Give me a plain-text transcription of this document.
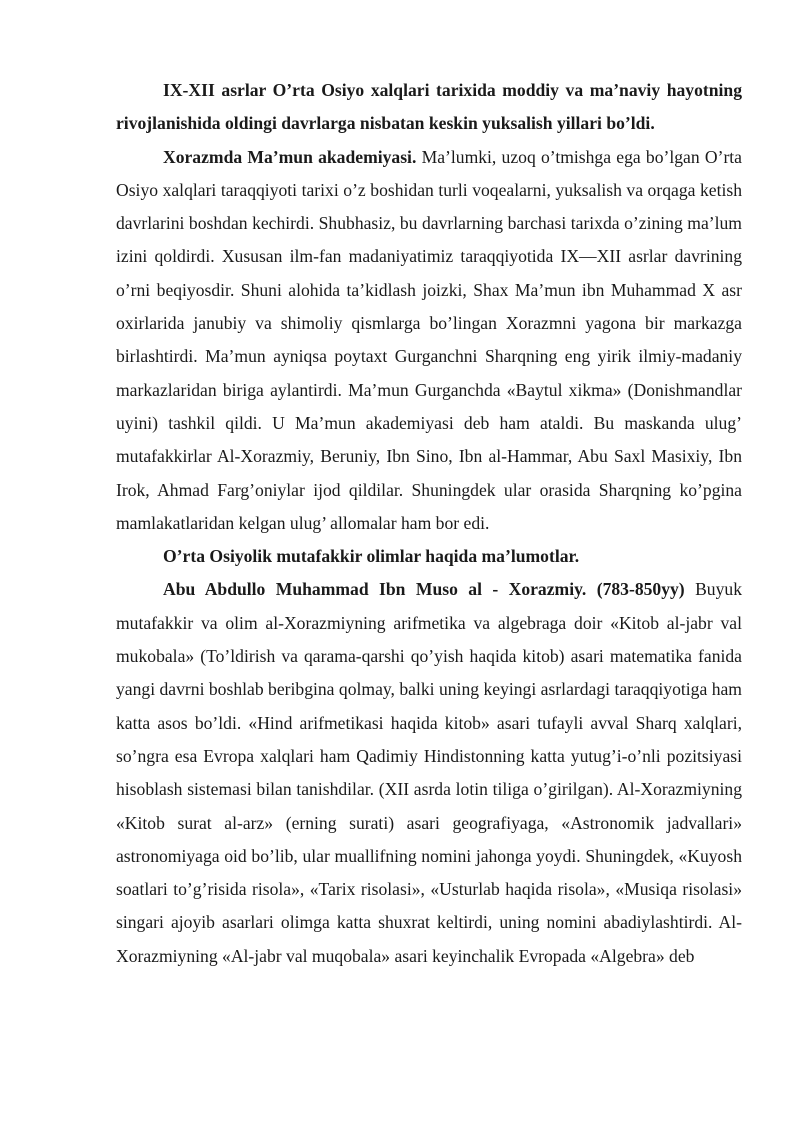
IX-XII asrlar O’rta Osiyo xalqlari tarixida moddiy va ma’naviy hayotning rivojlanishida oldingi davrlarga nisbatan keskin yuksalish yillari bo’ldi.

Xorazmda Ma’mun akademiyasi. Ma’lumki, uzoq o’tmishga ega bo’lgan O’rta Osiyo xalqlari taraqqiyoti tarixi o’z boshidan turli voqealarni, yuksalish va orqaga ketish davrlarini boshdan kechirdi. Shubhasiz, bu davrlarning barchasi tarixda o’zining ma’lum izini qoldirdi. Xususan ilm-fan madaniyatimiz taraqqiyotida IX—XII asrlar davrining o’rni beqiyosdir. Shuni alohida ta’kidlash joizki, Shax Ma’mun ibn Muhammad X asr oxirlarida janubiy va shimoliy qismlarga bo’lingan Xorazmni yagona bir markazga birlashtirdi. Ma’mun ayniqsa poytaxt Gurganchni Sharqning eng yirik ilmiy-madaniy markazlaridan biriga aylantirdi. Ma’mun Gurganchda «Baytul xikma» (Donishmandlar uyini) tashkil qildi. U Ma’mun akademiyasi deb ham ataldi. Bu maskanda ulug’ mutafakkirlar Al-Xorazmiy, Beruniy, Ibn Sino, Ibn al-Hammar, Abu Saxl Masixiy, Ibn Irok, Ahmad Farg’oniylar ijod qildilar. Shuningdek ular orasida Sharqning ko’pgina mamlakatlaridan kelgan ulug’ allomalar ham bor edi.

O’rta Osiyolik mutafakkir olimlar haqida ma’lumotlar.

Abu Abdullo Muhammad Ibn Muso al - Xorazmiy. (783-850yy) Buyuk mutafakkir va olim al-Xorazmiyning arifmetika va algebraga doir «Kitob al-jabr val mukobala» (To’ldirish va qarama-qarshi qo’yish haqida kitob) asari matematika fanida yangi davrni boshlab beribgina qolmay, balki uning keyingi asrlardagi taraqqiyotiga ham katta asos bo’ldi. «Hind arifmetikasi haqida kitob» asari tufayli avval Sharq xalqlari, so’ngra esa Evropa xalqlari ham Qadimiy Hindistonning katta yutug’i-o’nli pozitsiyasi hisoblash sistemasi bilan tanishdilar. (XII asrda lotin tiliga o’girilgan). Al-Xorazmiyning «Kitob surat al-arz» (erning surati) asari geografiyaga, «Astronomik jadvallari» astronomiyaga oid bo’lib, ular muallifning nomini jahonga yoydi. Shuningdek, «Kuyosh soatlari to’g’risida risola», «Tarix risolasi», «Usturlab haqida risola», «Musiqa risolasi» singari ajoyib asarlari olimga katta shuxrat keltirdi, uning nomini abadiylashtirdi. Al-Xorazmiyning «Al-jabr val muqobala» asari keyinchalik Evropada «Algebra» deb
